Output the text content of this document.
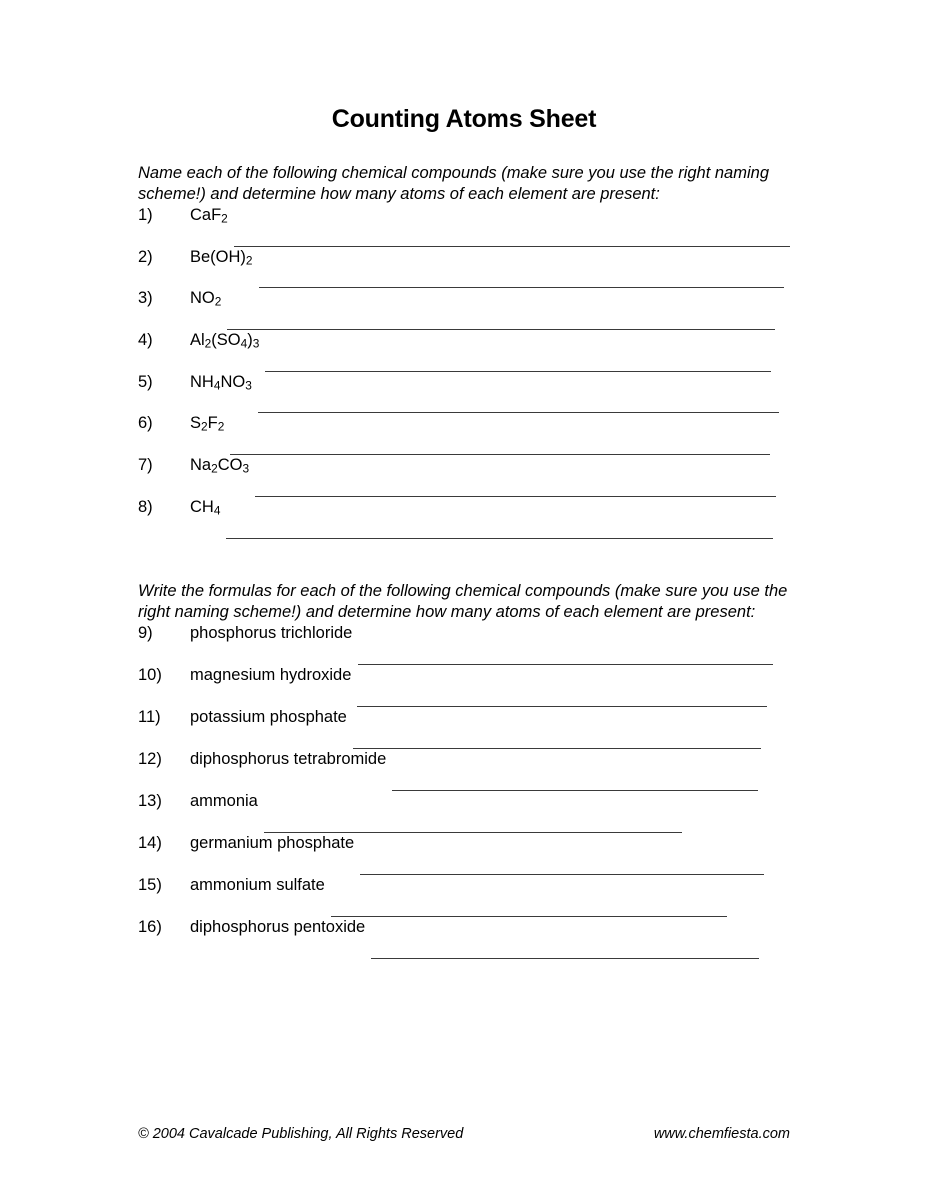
Counting Atoms Sheet

Name each of the following chemical compounds (make sure you use the right naming scheme!) and determine how many atoms of each element are present:

1)	CaF$_2$
2)	$Be(OH)_2$
3)	$NO_2$
4)	$Al_2(SO_4)_3$
5)	$NH_4NO_3$
6)	$S_2F_2$
7)	$Na_2CO_3$
8)	$CH_4$

Write the formulas for each of the following chemical compounds (make sure you use the right naming scheme!) and determine how many atoms of each element are present:

9)	phosphorus trichloride
10)	magnesium hydroxide
11)	potassium phosphate
12)	diphosphorus tetrabromide
13)	ammonia
14)	germanium phosphate
15)	ammonium sulfate
16)	diphosphorus pentoxide
© 2004 Cavalcade Publishing, All Rights Reserved	www.chemfiesta.com
